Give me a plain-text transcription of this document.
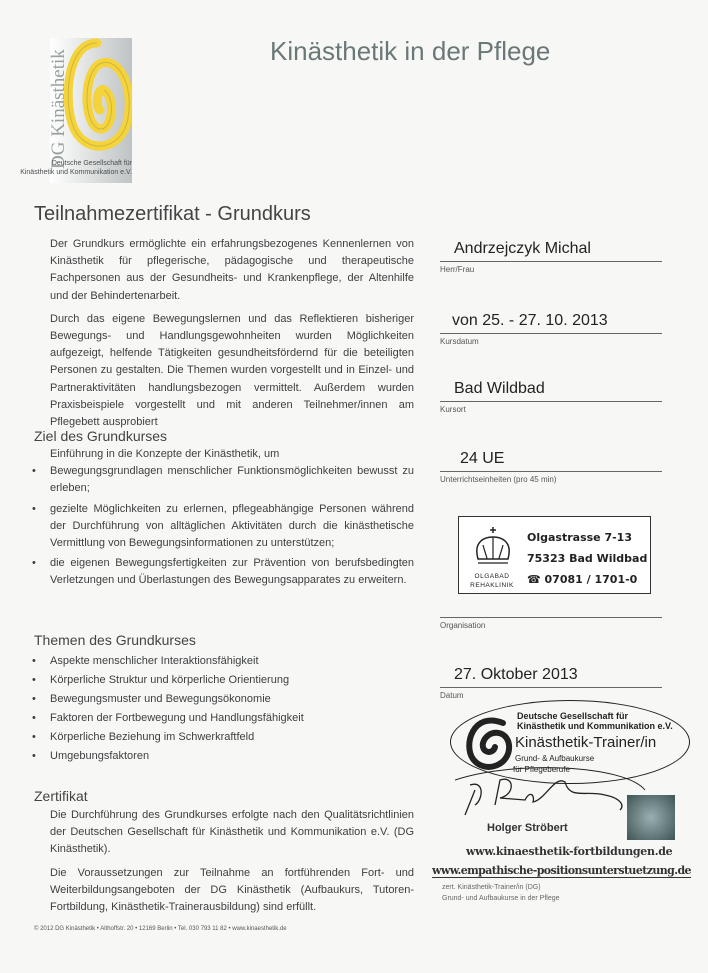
DG Kinästhetik
Deutsche Gesellschaft für
Kinästhetik und Kommunikation e.V.
Kinästhetik in der Pflege
Teilnahmezertifikat - Grundkurs

Der Grundkurs ermöglichte ein erfahrungsbezogenes Kennenlernen von Kinästhetik für pflegerische, pädagogische und therapeutische Fachpersonen aus der Gesundheits- und Krankenpflege, der Altenhilfe und der Behindertenarbeit.

Durch das eigene Bewegungslernen und das Reflektieren bisheriger Bewegungs- und Handlungsgewohnheiten wurden Möglichkeiten aufgezeigt, helfende Tätigkeiten gesundheitsfördernd für die beteiligten Personen zu gestalten. Die Themen wurden vorgestellt und in Einzel- und Partneraktivitäten handlungsbezogen vermittelt. Außerdem wurden Praxisbeispiele vorgestellt und mit anderen Teilnehmer/innen am Pflegebett ausprobiert

Ziel des Grundkurses

Einführung in die Konzepte der Kinästhetik, um

• Bewegungsgrundlagen menschlicher Funktionsmöglichkeiten bewusst zu erleben;
• gezielte Möglichkeiten zu erlernen, pflegeabhängige Personen während der Durchführung von alltäglichen Aktivitäten durch die kinästhetische Vermittlung von Bewegungsinformationen zu unterstützen;
• die eigenen Bewegungsfertigkeiten zur Prävention von berufsbedingten Verletzungen und Überlastungen des Bewegungsapparates zu erweitern.
Themen des Grundkurses
• Aspekte menschlicher Interaktionsfähigkeit
• Körperliche Struktur und körperliche Orientierung
• Bewegungsmuster und Bewegungsökonomie
• Faktoren der Fortbewegung und Handlungsfähigkeit
• Körperliche Beziehung im Schwerkraftfeld
• Umgebungsfaktoren
Zertifikat

Die Durchführung des Grundkurses erfolgte nach den Qualitätsrichtlinien der Deutschen Gesellschaft für Kinästhetik und Kommunikation e.V. (DG Kinästhetik).

Die Voraussetzungen zur Teilnahme an fortführenden Fort- und Weiterbildungsangeboten der DG Kinästhetik (Aufbaukurs, Tutoren-Fortbildung, Kinästhetik-Trainerausbildung) sind erfüllt.

© 2012 DG Kinästhetik • Althoffstr. 20 • 12169 Berlin • Tel. 030 793 11 82 • www.kinaesthetik.de
Andrzejczyk Michal
Herr/Frau
von 25. - 27. 10. 2013
Kursdatum
Bad Wildbad
Kursort
24 UE
Unterrichtseinheiten (pro 45 min)
OLGABAD
REHAKLINIK
Olgastrasse 7-13
75323 Bad Wildbad
☎ 07081 / 1701-0
Organisation
27. Oktober 2013
Datum
Deutsche Gesellschaft für
Kinästhetik und Kommunikation e.V.
Kinästhetik-Trainer/in
Grund- & Aufbaukurse
für Pflegeberufe
Holger Ströbert
www.kinaesthetik-fortbildungen.de
www.empathische-positionsunterstuetzung.de
zert. Kinästhetik-Trainer/in (DG)
Grund- und Aufbaukurse in der Pflege
